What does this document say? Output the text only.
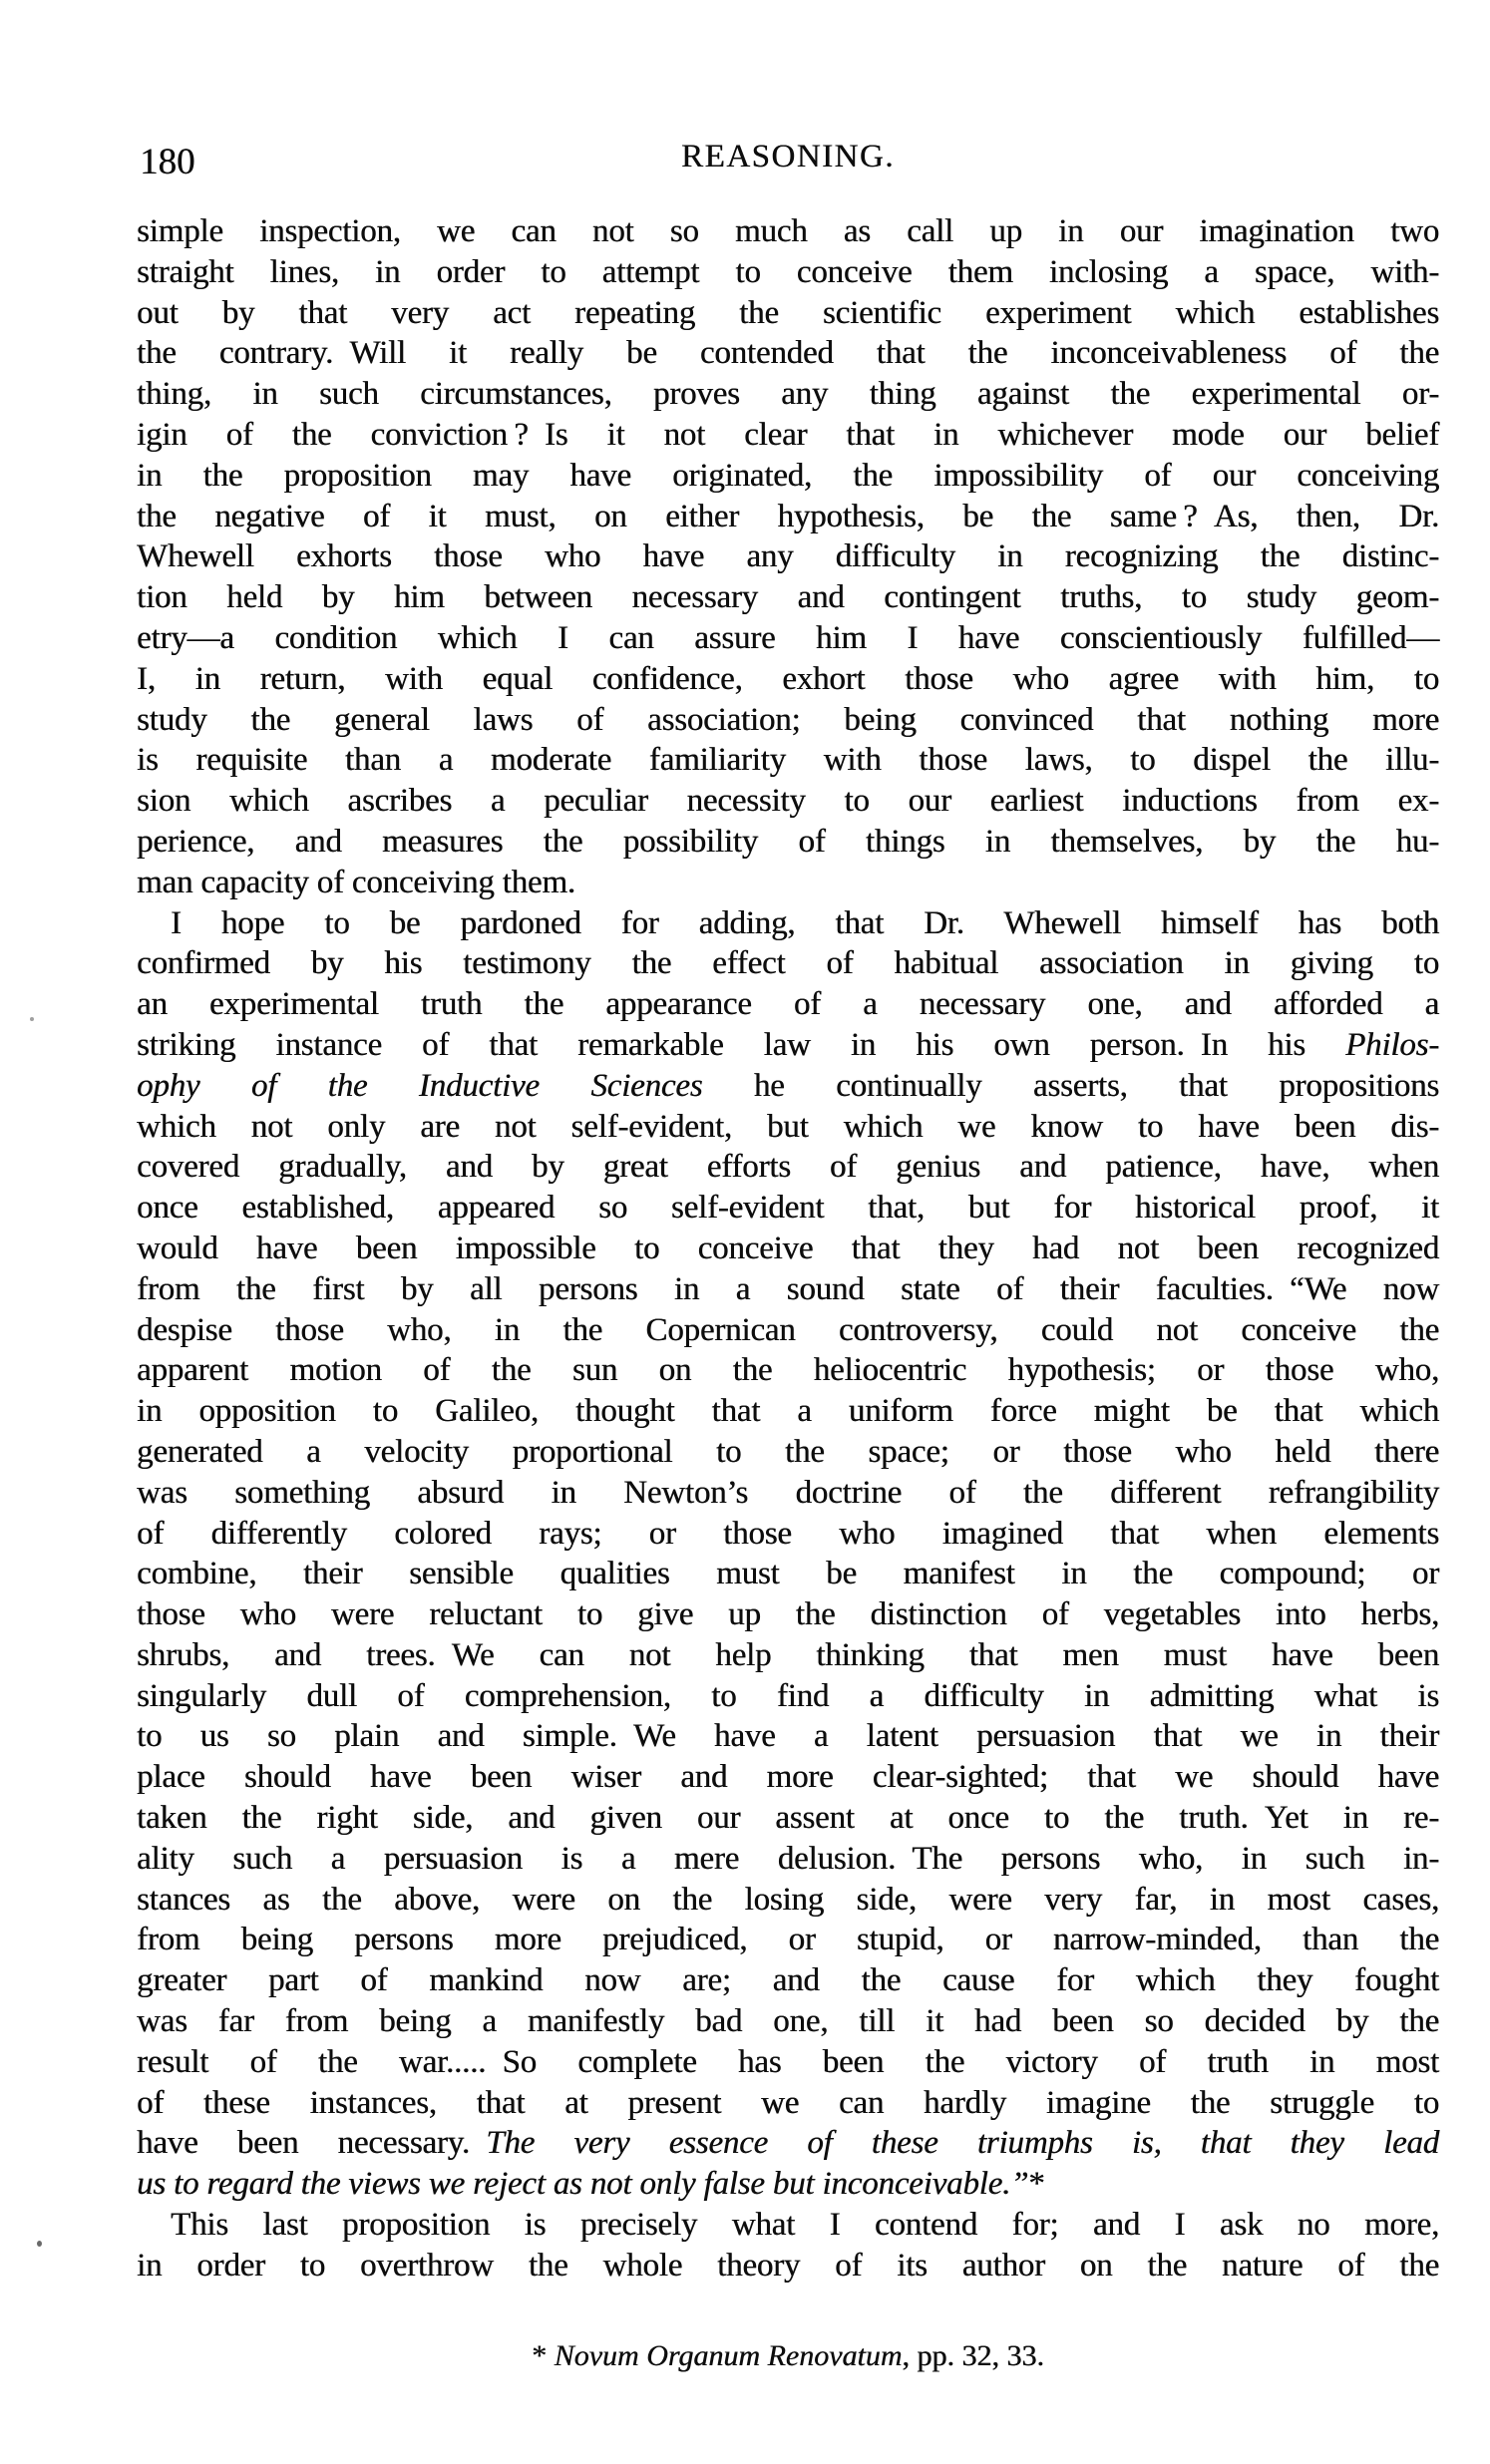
180	REASONING.
simple inspection, we can not so much as call up in our imagination two
straight lines, in order to attempt to conceive them inclosing a space, with-
out by that very act repeating the scientific experiment which establishes
the contrary. Will it really be contended that the inconceivableness of the
thing, in such circumstances, proves any thing against the experimental or-
igin of the conviction ? Is it not clear that in whichever mode our belief
in the proposition may have originated, the impossibility of our conceiving
the negative of it must, on either hypothesis, be the same ? As, then, Dr.
Whewell exhorts those who have any difficulty in recognizing the distinc-
tion held by him between necessary and contingent truths, to study geom-
etry—a condition which I can assure him I have conscientiously fulfilled—
I, in return, with equal confidence, exhort those who agree with him, to
study the general laws of association; being convinced that nothing more
is requisite than a moderate familiarity with those laws, to dispel the illu-
sion which ascribes a peculiar necessity to our earliest inductions from ex-
perience, and measures the possibility of things in themselves, by the hu-
man capacity of conceiving them.
I hope to be pardoned for adding, that Dr. Whewell himself has both
confirmed by his testimony the effect of habitual association in giving to
an experimental truth the appearance of a necessary one, and afforded a
striking instance of that remarkable law in his own person. In his Philos-
ophy of the Inductive Sciences he continually asserts, that propositions
which not only are not self-evident, but which we know to have been dis-
covered gradually, and by great efforts of genius and patience, have, when
once established, appeared so self-evident that, but for historical proof, it
would have been impossible to conceive that they had not been recognized
from the first by all persons in a sound state of their faculties. “We now
despise those who, in the Copernican controversy, could not conceive the
apparent motion of the sun on the heliocentric hypothesis; or those who,
in opposition to Galileo, thought that a uniform force might be that which
generated a velocity proportional to the space; or those who held there
was something absurd in Newton’s doctrine of the different refrangibility
of differently colored rays; or those who imagined that when elements
combine, their sensible qualities must be manifest in the compound; or
those who were reluctant to give up the distinction of vegetables into herbs,
shrubs, and trees. We can not help thinking that men must have been
singularly dull of comprehension, to find a difficulty in admitting what is
to us so plain and simple. We have a latent persuasion that we in their
place should have been wiser and more clear-sighted; that we should have
taken the right side, and given our assent at once to the truth. Yet in re-
ality such a persuasion is a mere delusion. The persons who, in such in-
stances as the above, were on the losing side, were very far, in most cases,
from being persons more prejudiced, or stupid, or narrow-minded, than the
greater part of mankind now are; and the cause for which they fought
was far from being a manifestly bad one, till it had been so decided by the
result of the war..... So complete has been the victory of truth in most
of these instances, that at present we can hardly imagine the struggle to
have been necessary. The very essence of these triumphs is, that they lead
us to regard the views we reject as not only false but inconceivable.”*
This last proposition is precisely what I contend for; and I ask no more,
in order to overthrow the whole theory of its author on the nature of the
* Novum Organum Renovatum, pp. 32, 33.
